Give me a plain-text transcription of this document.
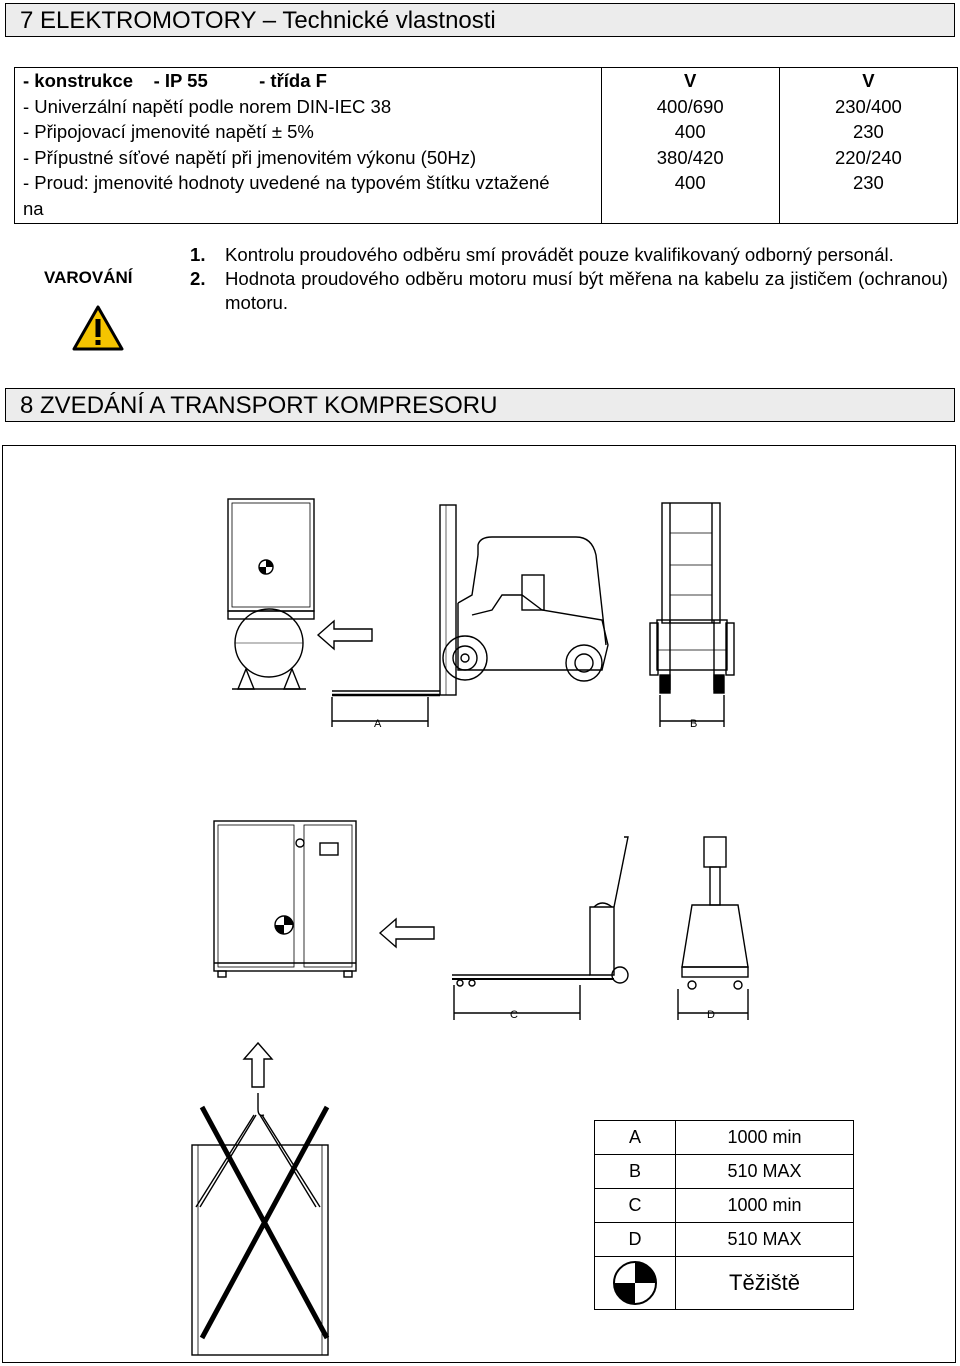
7 ELEKTROMOTORY – Technické vlastnosti
- konstrukce    - IP 55          - třída F	V	V
- Univerzální napětí podle norem DIN-IEC 38	400/690	230/400
- Připojovací jmenovité napětí ± 5%	400	230
- Přípustné síťové napětí při jmenovitém výkonu (50Hz)	380/420	220/240
- Proud: jmenovité hodnoty uvedené na typovém štítku vztažené na	400	230
VAROVÁNÍ
1. Kontrolu proudového odběru smí provádět pouze kvalifikovaný odborný personál.
2. Hodnota proudového odběru motoru musí být měřena na kabelu za jističem (ochranou) motoru.
8 ZVEDÁNÍ A TRANSPORT KOMPRESORU
A	B
C	D
A	1000 min
B	510 MAX
C	1000 min
D	510 MAX

	Těžiště
